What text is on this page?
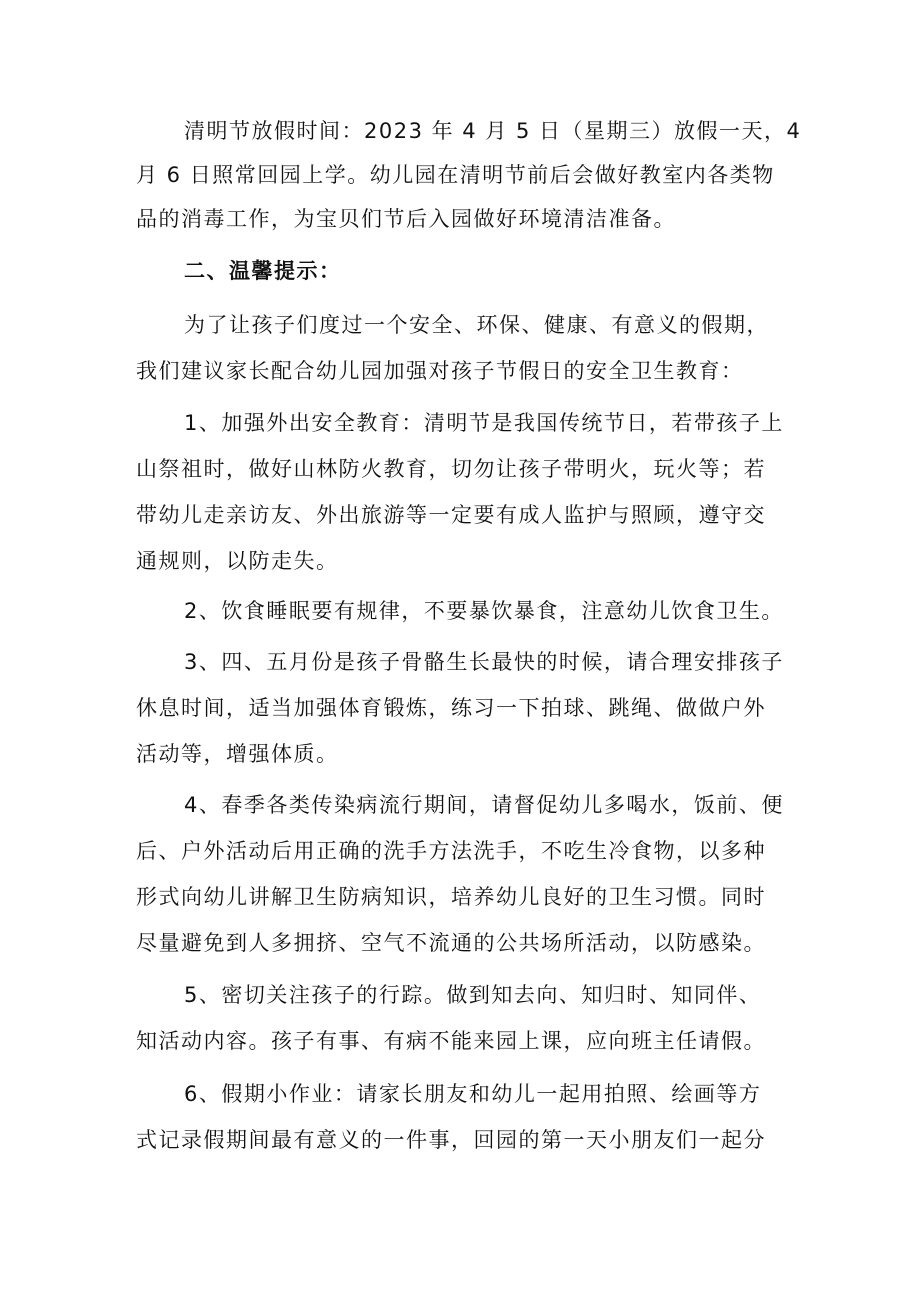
清明节放假时间：2023 年 4 月 5 日（星期三）放假一天，4
月 6 日照常回园上学。幼儿园在清明节前后会做好教室内各类物
品的消毒工作，为宝贝们节后入园做好环境清洁准备。
二、温馨提示：
为了让孩子们度过一个安全、环保、健康、有意义的假期，
我们建议家长配合幼儿园加强对孩子节假日的安全卫生教育：
1、加强外出安全教育：清明节是我国传统节日，若带孩子上
山祭祖时，做好山林防火教育，切勿让孩子带明火，玩火等；若
带幼儿走亲访友、外出旅游等一定要有成人监护与照顾，遵守交
通规则，以防走失。
2、饮食睡眠要有规律，不要暴饮暴食，注意幼儿饮食卫生。
3、四、五月份是孩子骨骼生长最快的时候，请合理安排孩子
休息时间，适当加强体育锻炼，练习一下拍球、跳绳、做做户外
活动等，增强体质。
4、春季各类传染病流行期间，请督促幼儿多喝水，饭前、便
后、户外活动后用正确的洗手方法洗手，不吃生冷食物，以多种
形式向幼儿讲解卫生防病知识，培养幼儿良好的卫生习惯。同时
尽量避免到人多拥挤、空气不流通的公共场所活动，以防感染。
5、密切关注孩子的行踪。做到知去向、知归时、知同伴、
知活动内容。孩子有事、有病不能来园上课，应向班主任请假。
6、假期小作业：请家长朋友和幼儿一起用拍照、绘画等方
式记录假期间最有意义的一件事，回园的第一天小朋友们一起分
